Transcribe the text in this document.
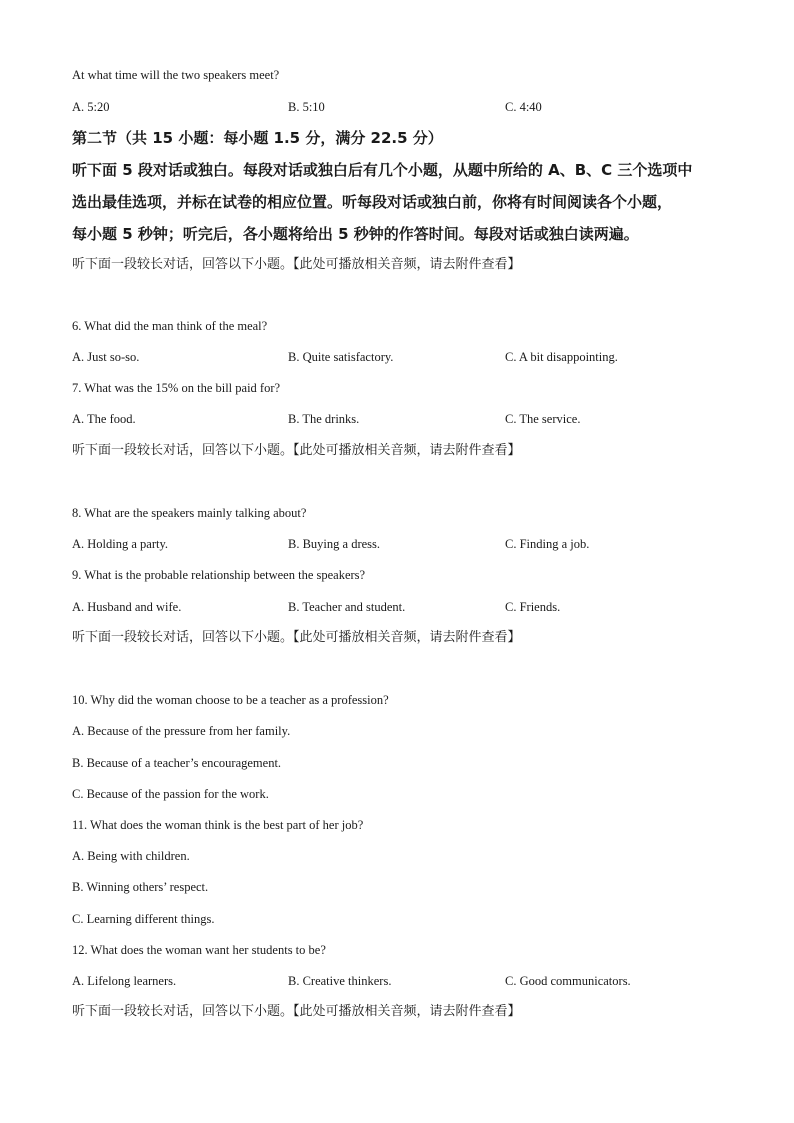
At what time will the two speakers meet?
A. 5:20	B. 5:10	C. 4:40
第二节（共 15 小题：每小题 1.5 分，满分 22.5 分）
听下面 5 段对话或独白。每段对话或独白后有几个小题，从题中所给的 A、B、C 三个选项中
选出最佳选项，并标在试卷的相应位置。听每段对话或独白前，你将有时间阅读各个小题，
每小题 5 秒钟；听完后，各小题将给出 5 秒钟的作答时间。每段对话或独白读两遍。
听下面一段较长对话，回答以下小题。【此处可播放相关音频，请去附件查看】
6. What did the man think of the meal?
A. Just so-so.	B. Quite satisfactory.	C. A bit disappointing.
7. What was the 15% on the bill paid for?
A. The food.	B. The drinks.	C. The service.
听下面一段较长对话，回答以下小题。【此处可播放相关音频，请去附件查看】
8. What are the speakers mainly talking about?
A. Holding a party.	B. Buying a dress.	C. Finding a job.
9. What is the probable relationship between the speakers?
A. Husband and wife.	B. Teacher and student.	C. Friends.
听下面一段较长对话，回答以下小题。【此处可播放相关音频，请去附件查看】
10. Why did the woman choose to be a teacher as a profession?
A. Because of the pressure from her family.
B. Because of a teacher’s encouragement.
C. Because of the passion for the work.
11. What does the woman think is the best part of her job?
A. Being with children.
B. Winning others’ respect.
C. Learning different things.
12. What does the woman want her students to be?
A. Lifelong learners.	B. Creative thinkers.	C. Good communicators.
听下面一段较长对话，回答以下小题。【此处可播放相关音频，请去附件查看】
